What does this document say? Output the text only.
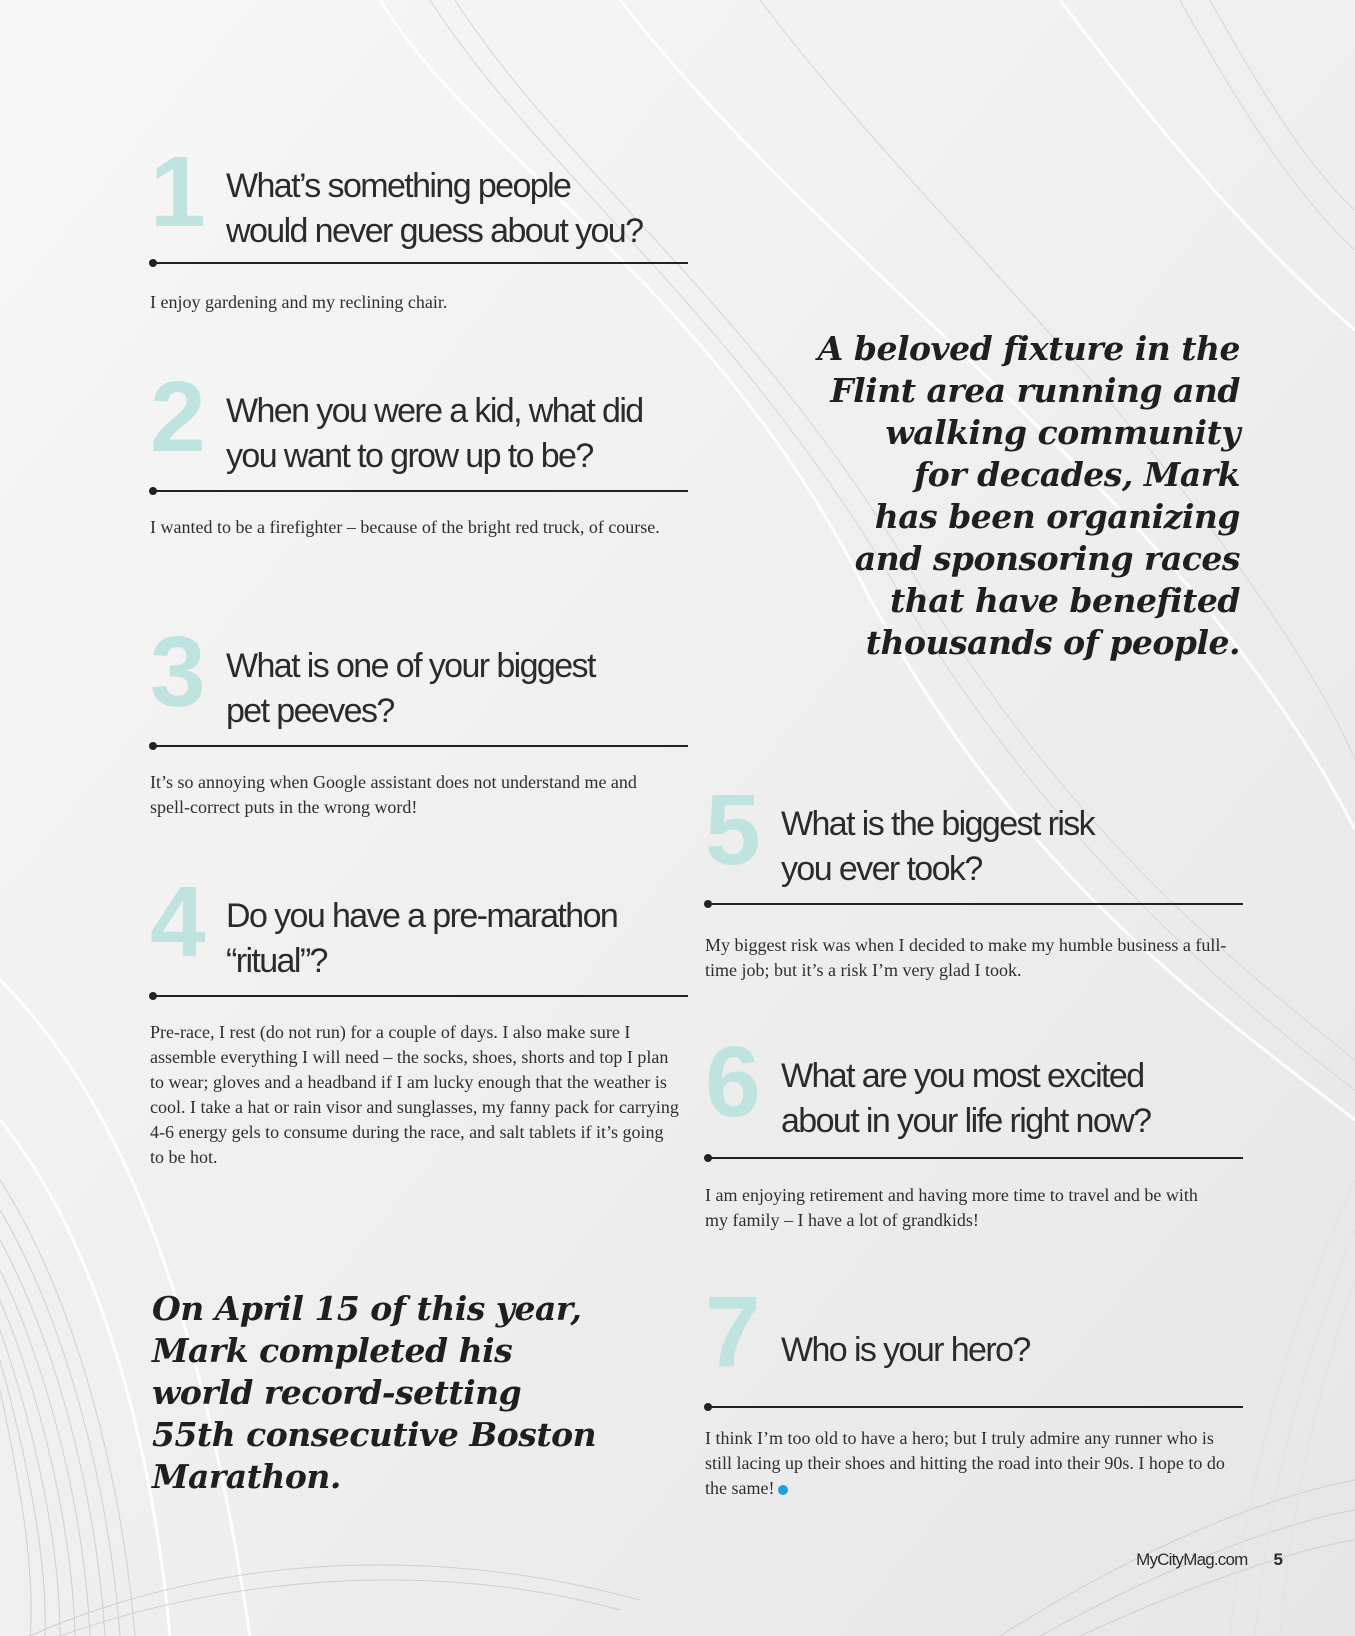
1 What’s something people
would never guess about you?

I enjoy gardening and my reclining chair.

2 When you were a kid, what did
you want to grow up to be?

I wanted to be a firefighter – because of the bright red truck, of course.

3 What is one of your biggest
pet peeves?

It’s so annoying when Google assistant does not understand me and spell-correct puts in the wrong word!

4 Do you have a pre-marathon
“ritual”?

Pre-race, I rest (do not run) for a couple of days. I also make sure I assemble everything I will need – the socks, shoes, shorts and top I plan to wear; gloves and a headband if I am lucky enough that the weather is cool. I take a hat or rain visor and sunglasses, my fanny pack for carrying 4-6 energy gels to consume during the race, and salt tablets if it’s going to be hot.

A beloved fixture in the
Flint area running and
walking community
for decades, Mark
has been organizing
and sponsoring races
that have benefited
thousands of people.

5 What is the biggest risk
you ever took?

My biggest risk was when I decided to make my humble business a full-time job; but it’s a risk I’m very glad I took.

6 What are you most excited
about in your life right now?

I am enjoying retirement and having more time to travel and be with my family – I have a lot of grandkids!

7 Who is your hero?

I think I’m too old to have a hero; but I truly admire any runner who is still lacing up their shoes and hitting the road into their 90s. I hope to do the same!

On April 15 of this year,
Mark completed his
world record-setting
55th consecutive Boston
Marathon.

MyCityMag.com 5
